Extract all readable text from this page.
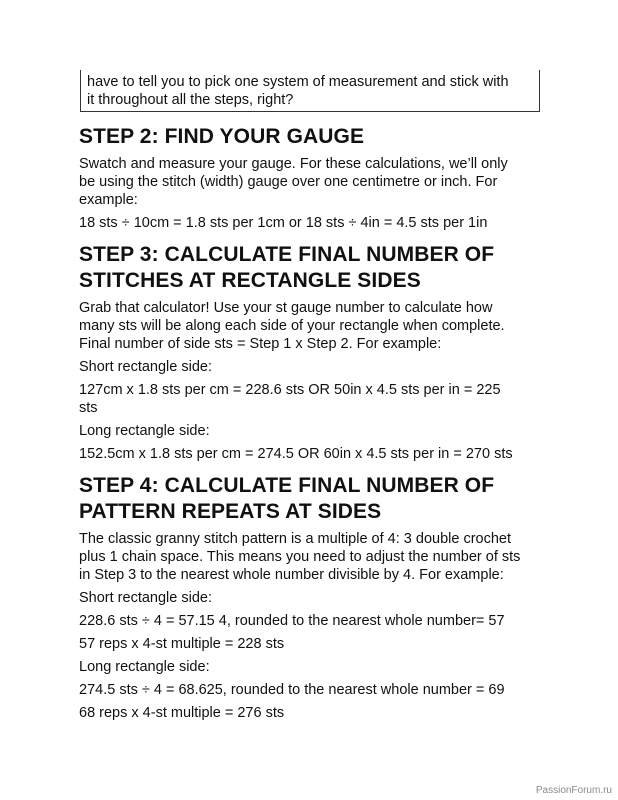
have to tell you to pick one system of measurement and stick with

it throughout all the steps, right?

STEP 2: FIND YOUR GAUGE

Swatch and measure your gauge. For these calculations, we’ll only
be using the stitch (width) gauge over one centimetre or inch. For
example:

18 sts ÷ 10cm = 1.8 sts per 1cm or 18 sts ÷ 4in = 4.5 sts per 1in

STEP 3: CALCULATE FINAL NUMBER OF
STITCHES AT RECTANGLE SIDES

Grab that calculator! Use your st gauge number to calculate how
many sts will be along each side of your rectangle when complete.
Final number of side sts = Step 1 x Step 2. For example:

Short rectangle side:

127cm x 1.8 sts per cm = 228.6 sts OR 50in x 4.5 sts per in = 225
sts

Long rectangle side:

152.5cm x 1.8 sts per cm = 274.5 OR 60in x 4.5 sts per in = 270 sts

STEP 4: CALCULATE FINAL NUMBER OF
PATTERN REPEATS AT SIDES

The classic granny stitch pattern is a multiple of 4: 3 double crochet
plus 1 chain space. This means you need to adjust the number of sts
in Step 3 to the nearest whole number divisible by 4. For example:

Short rectangle side:

228.6 sts ÷ 4 = 57.15 4, rounded to the nearest whole number= 57

57 reps x 4-st multiple = 228 sts

Long rectangle side:

274.5 sts ÷ 4 = 68.625, rounded to the nearest whole number = 69

68 reps x 4-st multiple = 276 sts

PassionForum.ru
